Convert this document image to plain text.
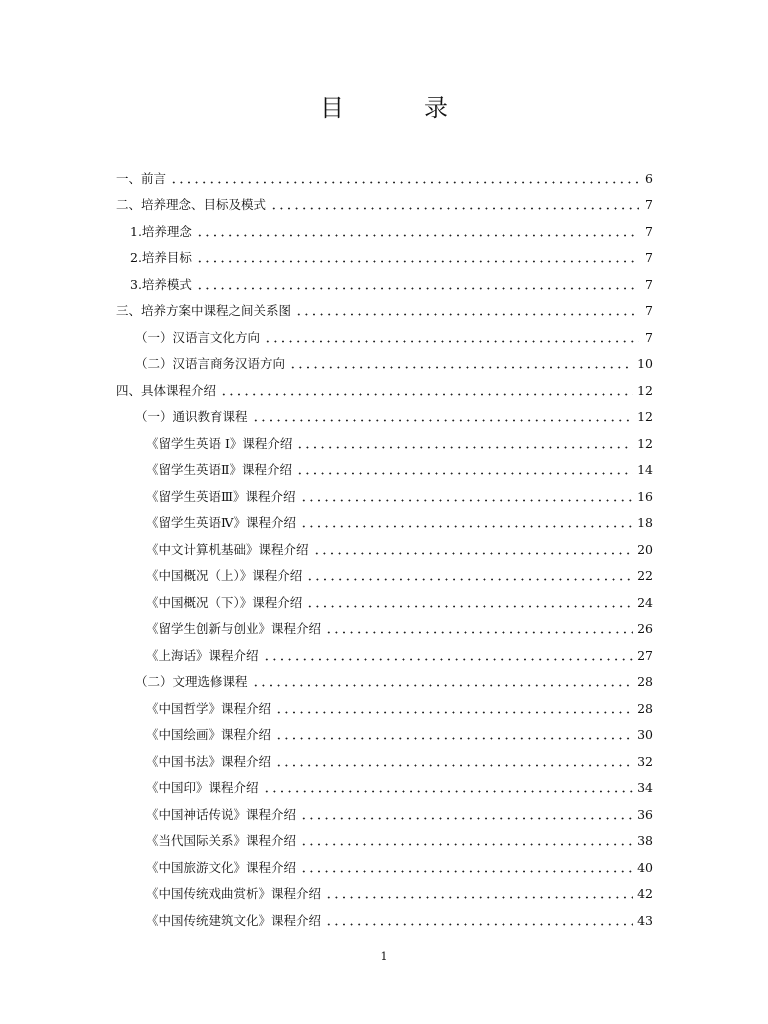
目　录
一、前言	6
二、培养理念、目标及模式	7
1.培养理念	7
2.培养目标	7
3.培养模式	7
三、培养方案中课程之间关系图	7
（一）汉语言文化方向	7
（二）汉语言商务汉语方向	10
四、具体课程介绍	12
（一）通识教育课程	12
《留学生英语 I》课程介绍	12
《留学生英语Ⅱ》课程介绍	14
《留学生英语Ⅲ》课程介绍	16
《留学生英语Ⅳ》课程介绍	18
《中文计算机基础》课程介绍	20
《中国概况（上）》课程介绍	22
《中国概况（下）》课程介绍	24
《留学生创新与创业》课程介绍	26
《上海话》课程介绍	27
（二）文理选修课程	28
《中国哲学》课程介绍	28
《中国绘画》课程介绍	30
《中国书法》课程介绍	32
《中国印》课程介绍	34
《中国神话传说》课程介绍	36
《当代国际关系》课程介绍	38
《中国旅游文化》课程介绍	40
《中国传统戏曲赏析》课程介绍	42
《中国传统建筑文化》课程介绍	43
1
